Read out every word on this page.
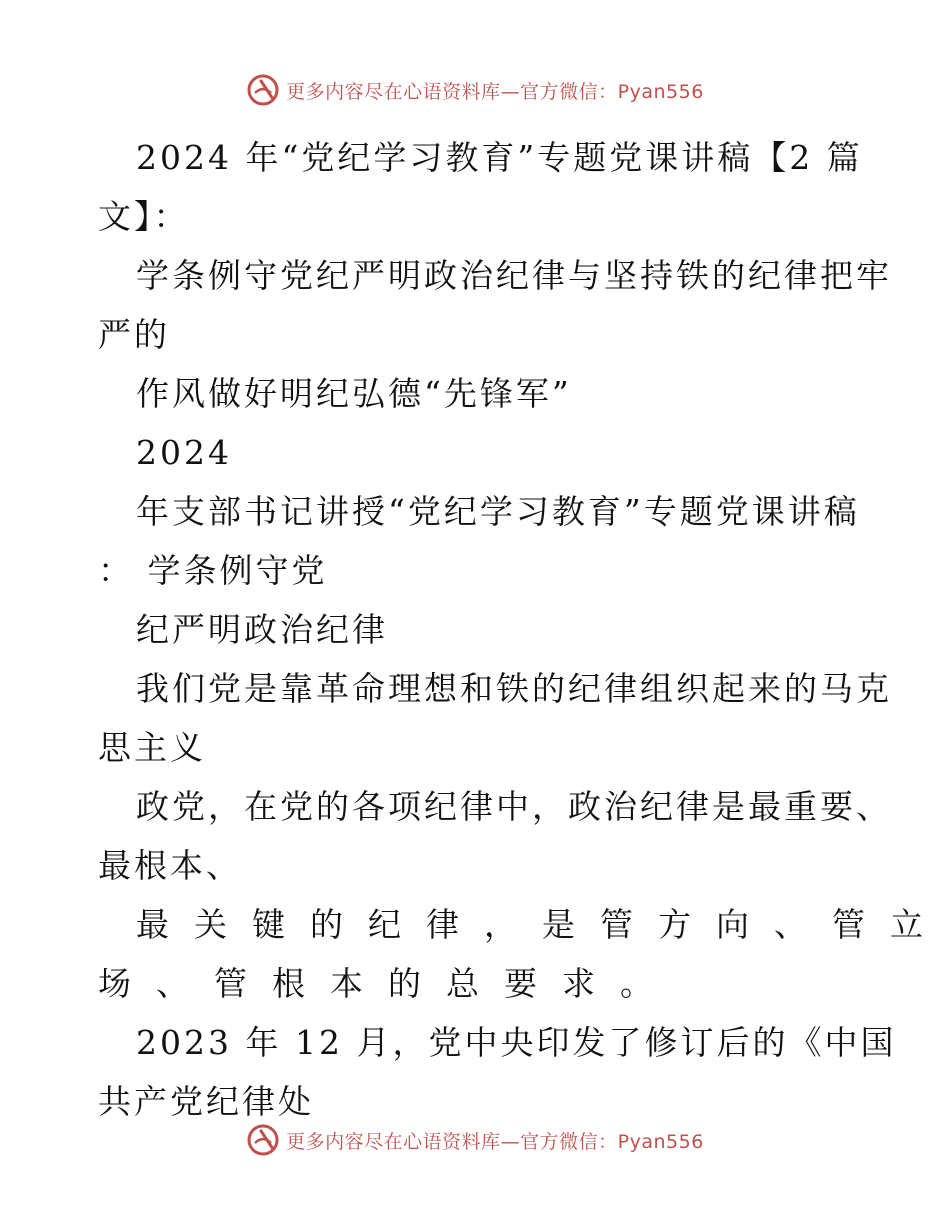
更多内容尽在心语资料库—官方微信：Pyan556
2024 年“党纪学习教育”专题党课讲稿【2 篇
文】：
学条例守党纪严明政治纪律与坚持铁的纪律把牢
严的
作风做好明纪弘德“先锋军”
2024
年支部书记讲授“党纪学习教育”专题党课讲稿
： 学条例守党
纪严明政治纪律
我们党是靠革命理想和铁的纪律组织起来的马克
思主义
政党，在党的各项纪律中，政治纪律是最重要、
最根本、
最关键的纪律，是管方向、管立
场、管根本的总要求。
2023 年 12 月，党中央印发了修订后的《中国
共产党纪律处
更多内容尽在心语资料库—官方微信：Pyan556
